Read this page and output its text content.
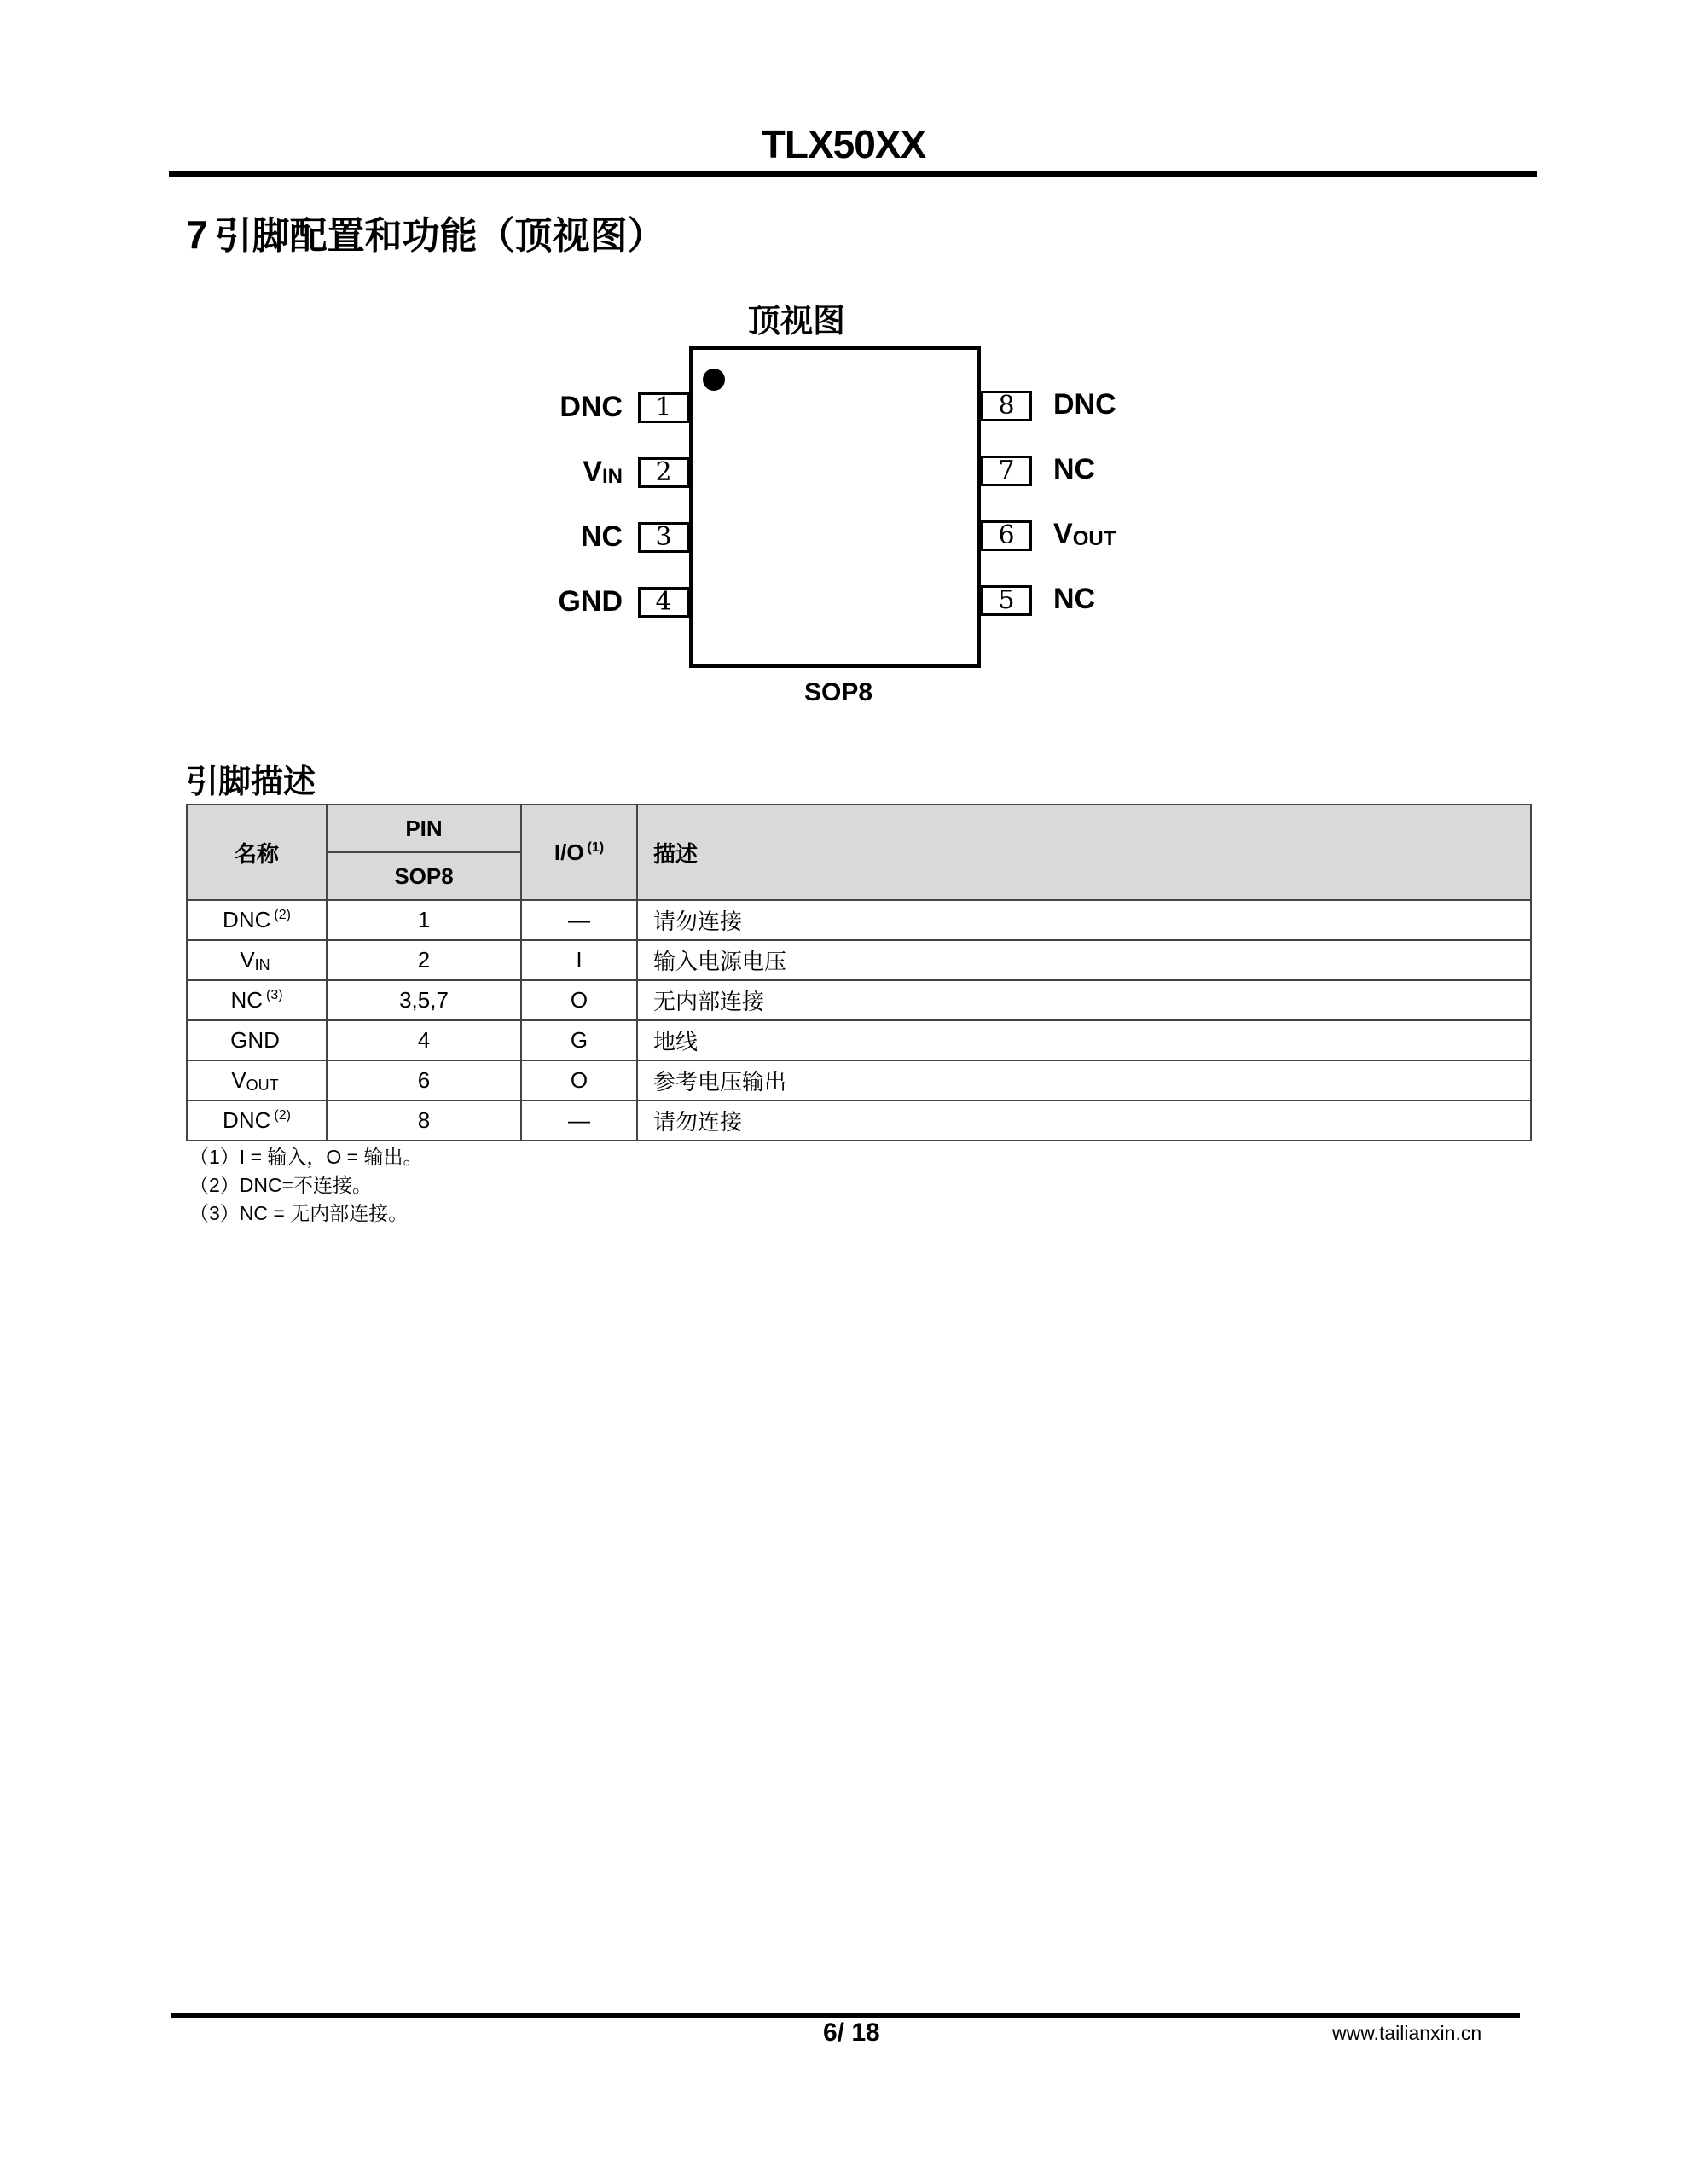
TLX50XX
7 引脚配置和功能（顶视图）
顶视图
DNC	1
$V_{IN}$	2
NC	3
GND	4
8	DNC
7	NC
6	$V_{OUT}$
5	NC
SOP8
引脚描述
名称	PIN	I/O $^{(1)}$	描述
	SOP8		
DNC $^{(2)}$	1	—	请勿连接
$V_{IN}$	2	I	输入电源电压
NC $^{(3)}$	3,5,7	O	无内部连接
GND	4	G	地线
$V_{OUT}$	6	O	参考电压输出
DNC $^{(2)}$	8	—	请勿连接
（1）I = 输入，O = 输出。
（2）DNC=不连接。
（3）NC = 无内部连接。
6/ 18	www.tailianxin.cn
